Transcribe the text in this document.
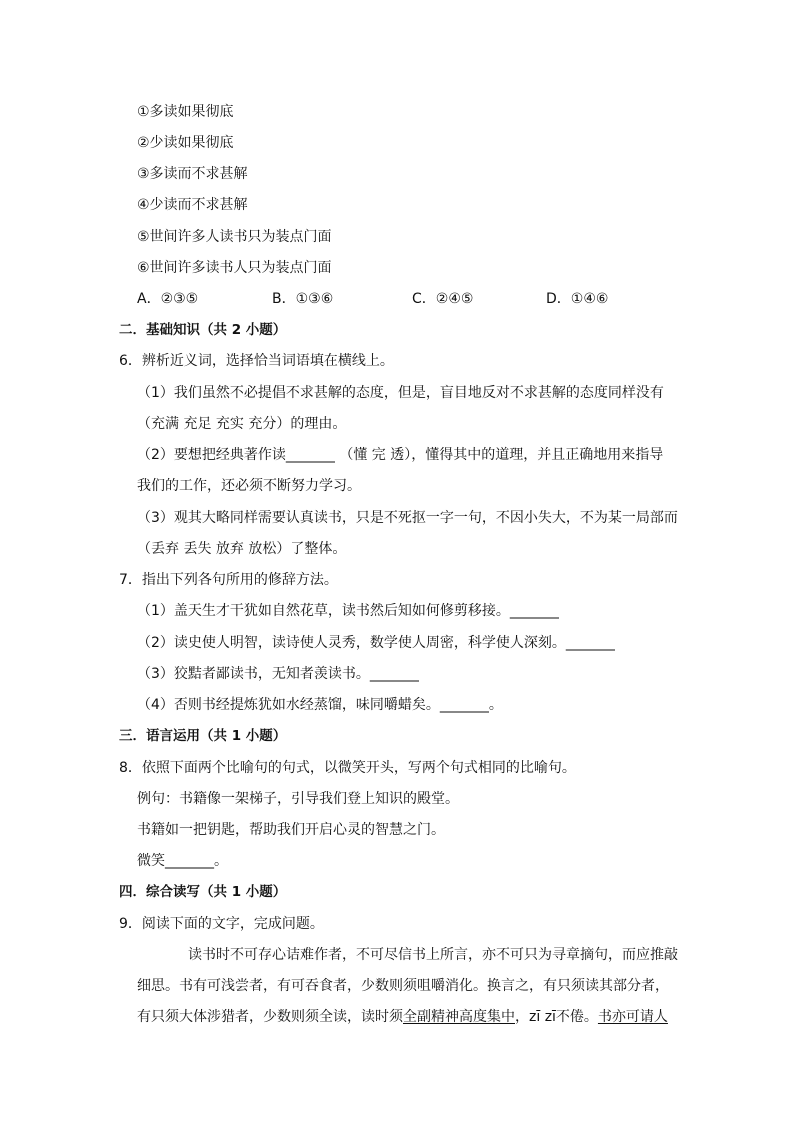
①多读如果彻底
②少读如果彻底
③多读而不求甚解
④少读而不求甚解
⑤世间许多人读书只为装点门面
⑥世间许多读书人只为装点门面
A．②③⑤	B．①③⑥	C．②④⑤	D．①④⑥
二．基础知识（共 2 小题）
6．辨析近义词，选择恰当词语填在横线上。
（1）我们虽然不必提倡不求甚解的态度，但是，盲目地反对不求甚解的态度同样没有
（充满 充足 充实 充分）的理由。
（2）要想把经典著作读_______ （懂 完 透），懂得其中的道理，并且正确地用来指导
我们的工作，还必须不断努力学习。
（3）观其大略同样需要认真读书，只是不死抠一字一句，不因小失大，不为某一局部而
（丢弃 丢失 放弃 放松）了整体。
7．指出下列各句所用的修辞方法。
（1）盖天生才干犹如自然花草，读书然后知如何修剪移接。_______
（2）读史使人明智，读诗使人灵秀，数学使人周密，科学使人深刻。_______
（3）狡黠者鄙读书，无知者羡读书。_______
（4）否则书经提炼犹如水经蒸馏，味同嚼蜡矣。_______。
三．语言运用（共 1 小题）
8．依照下面两个比喻句的句式，以微笑开头，写两个句式相同的比喻句。
例句：书籍像一架梯子，引导我们登上知识的殿堂。
书籍如一把钥匙，帮助我们开启心灵的智慧之门。
微笑_______。
四．综合读写（共 1 小题）
9．阅读下面的文字，完成问题。
读书时不可存心诘难作者，不可尽信书上所言，亦不可只为寻章摘句，而应推敲
细思。书有可浅尝者，有可吞食者，少数则须咀嚼消化。换言之，有只须读其部分者，
有只须大体涉猎者，少数则须全读，读时须全副精神高度集中，zī zī不倦。书亦可请人
